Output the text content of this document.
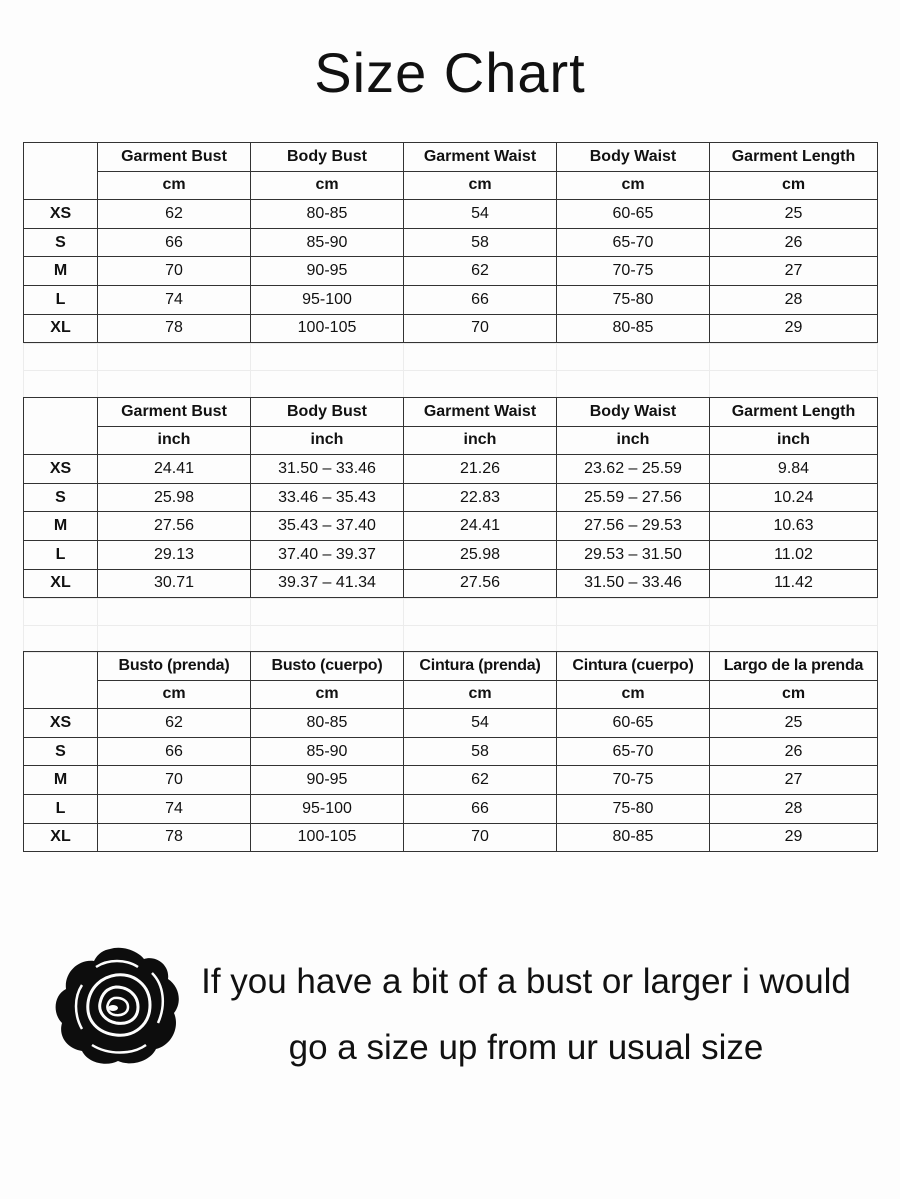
Size Chart
	Garment Bust	Body Bust	Garment Waist	Body Waist	Garment Length
	cm	cm	cm	cm	cm
XS	62	80-85	54	60-65	25
S	66	85-90	58	65-70	26
M	70	90-95	62	70-75	27
L	74	95-100	66	75-80	28
XL	78	100-105	70	80-85	29

	Garment Bust	Body Bust	Garment Waist	Body Waist	Garment Length
	inch	inch	inch	inch	inch
XS	24.41	31.50 – 33.46	21.26	23.62 – 25.59	9.84
S	25.98	33.46 – 35.43	22.83	25.59 – 27.56	10.24
M	27.56	35.43 – 37.40	24.41	27.56 – 29.53	10.63
L	29.13	37.40 – 39.37	25.98	29.53 – 31.50	11.02
XL	30.71	39.37 – 41.34	27.56	31.50 – 33.46	11.42

	Busto (prenda)	Busto (cuerpo)	Cintura (prenda)	Cintura (cuerpo)	Largo de la prenda
	cm	cm	cm	cm	cm
XS	62	80-85	54	60-65	25
S	66	85-90	58	65-70	26
M	70	90-95	62	70-75	27
L	74	95-100	66	75-80	28
XL	78	100-105	70	80-85	29
If you have a bit of a bust or larger i would
go a size up from ur usual size
